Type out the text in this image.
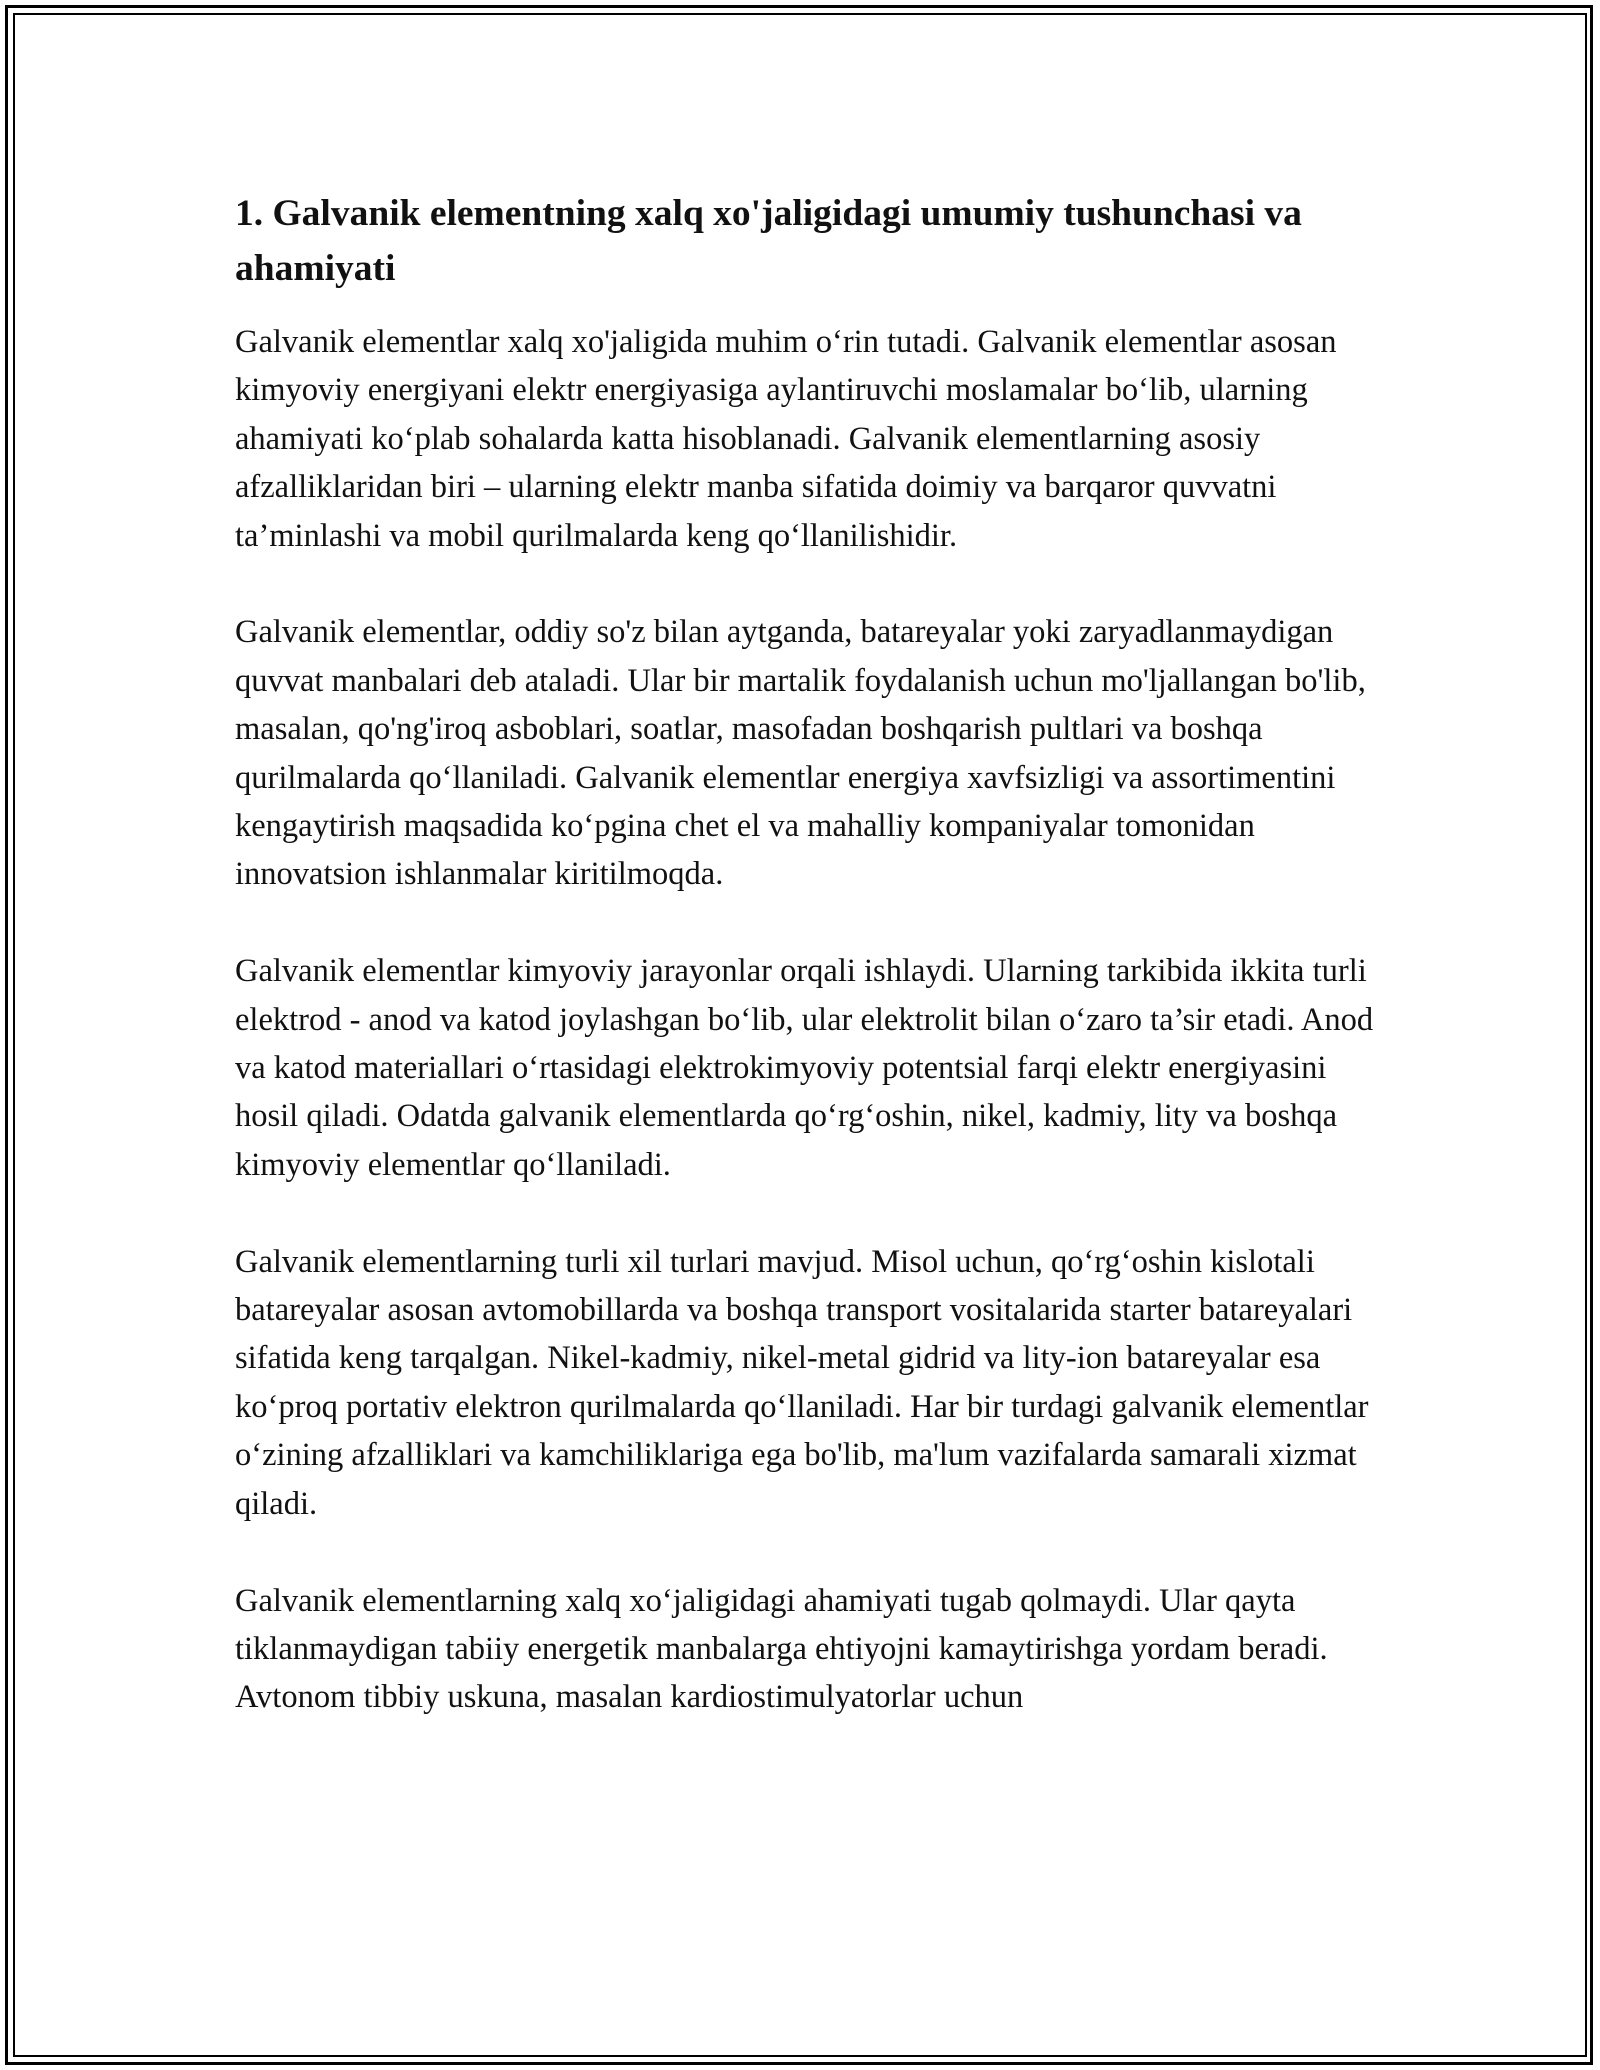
1. Galvanik elementning xalq xo'jaligidagi umumiy tushunchasi va ahamiyati

Galvanik elementlar xalq xo'jaligida muhim o‘rin tutadi. Galvanik elementlar asosan kimyoviy energiyani elektr energiyasiga aylantiruvchi moslamalar bo‘lib, ularning ahamiyati ko‘plab sohalarda katta hisoblanadi. Galvanik elementlarning asosiy afzalliklaridan biri – ularning elektr manba sifatida doimiy va barqaror quvvatni ta’minlashi va mobil qurilmalarda keng qo‘llanilishidir.

Galvanik elementlar, oddiy so'z bilan aytganda, batareyalar yoki zaryadlanmaydigan quvvat manbalari deb ataladi. Ular bir martalik foydalanish uchun mo'ljallangan bo'lib, masalan, qo'ng'iroq asboblari, soatlar, masofadan boshqarish pultlari va boshqa qurilmalarda qo‘llaniladi. Galvanik elementlar energiya xavfsizligi va assortimentini kengaytirish maqsadida ko‘pgina chet el va mahalliy kompaniyalar tomonidan innovatsion ishlanmalar kiritilmoqda.

Galvanik elementlar kimyoviy jarayonlar orqali ishlaydi. Ularning tarkibida ikkita turli elektrod - anod va katod joylashgan bo‘lib, ular elektrolit bilan o‘zaro ta’sir etadi. Anod va katod materiallari o‘rtasidagi elektrokimyoviy potentsial farqi elektr energiyasini hosil qiladi. Odatda galvanik elementlarda qo‘rg‘oshin, nikel, kadmiy, lity va boshqa kimyoviy elementlar qo‘llaniladi.

Galvanik elementlarning turli xil turlari mavjud. Misol uchun, qo‘rg‘oshin kislotali batareyalar asosan avtomobillarda va boshqa transport vositalarida starter batareyalari sifatida keng tarqalgan. Nikel-kadmiy, nikel-metal gidrid va lity-ion batareyalar esa ko‘proq portativ elektron qurilmalarda qo‘llaniladi. Har bir turdagi galvanik elementlar o‘zining afzalliklari va kamchiliklariga ega bo'lib, ma'lum vazifalarda samarali xizmat qiladi.

Galvanik elementlarning xalq xo‘jaligidagi ahamiyati tugab qolmaydi. Ular qayta tiklanmaydigan tabiiy energetik manbalarga ehtiyojni kamaytirishga yordam beradi. Avtonom tibbiy uskuna, masalan kardiostimulyatorlar uchun
